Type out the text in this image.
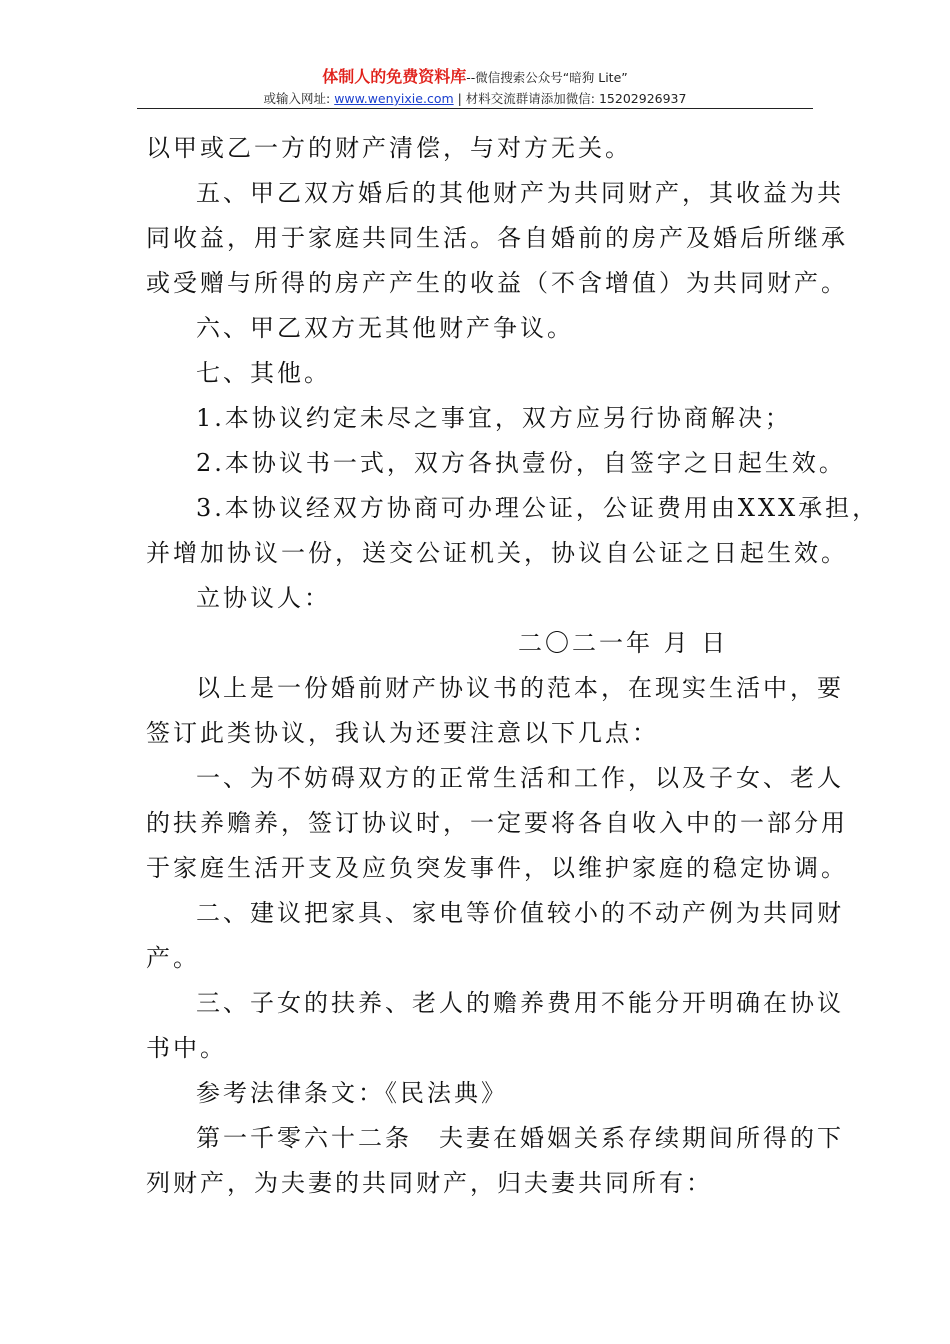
体制人的免费资料库--微信搜索公众号“暗狗 Lite”
或输入网址: www.wenyixie.com | 材料交流群请添加微信: 15202926937
以甲或乙一方的财产清偿，与对方无关。
五、甲乙双方婚后的其他财产为共同财产，其收益为共
同收益，用于家庭共同生活。各自婚前的房产及婚后所继承
或受赠与所得的房产产生的收益（不含增值）为共同财产。
六、甲乙双方无其他财产争议。
七、其他。
1.本协议约定未尽之事宜，双方应另行协商解决；
2.本协议书一式，双方各执壹份，自签字之日起生效。
3.本协议经双方协商可办理公证，公证费用由XXX承担，
并增加协议一份，送交公证机关，协议自公证之日起生效。
立协议人：
二〇二一年 月 日
以上是一份婚前财产协议书的范本，在现实生活中，要
签订此类协议，我认为还要注意以下几点：
一、为不妨碍双方的正常生活和工作，以及子女、老人
的扶养赡养，签订协议时，一定要将各自收入中的一部分用
于家庭生活开支及应负突发事件，以维护家庭的稳定协调。
二、建议把家具、家电等价值较小的不动产例为共同财
产。
三、子女的扶养、老人的赡养费用不能分开明确在协议
书中。
参考法律条文：《民法典》
第一千零六十二条　夫妻在婚姻关系存续期间所得的下
列财产，为夫妻的共同财产，归夫妻共同所有：
